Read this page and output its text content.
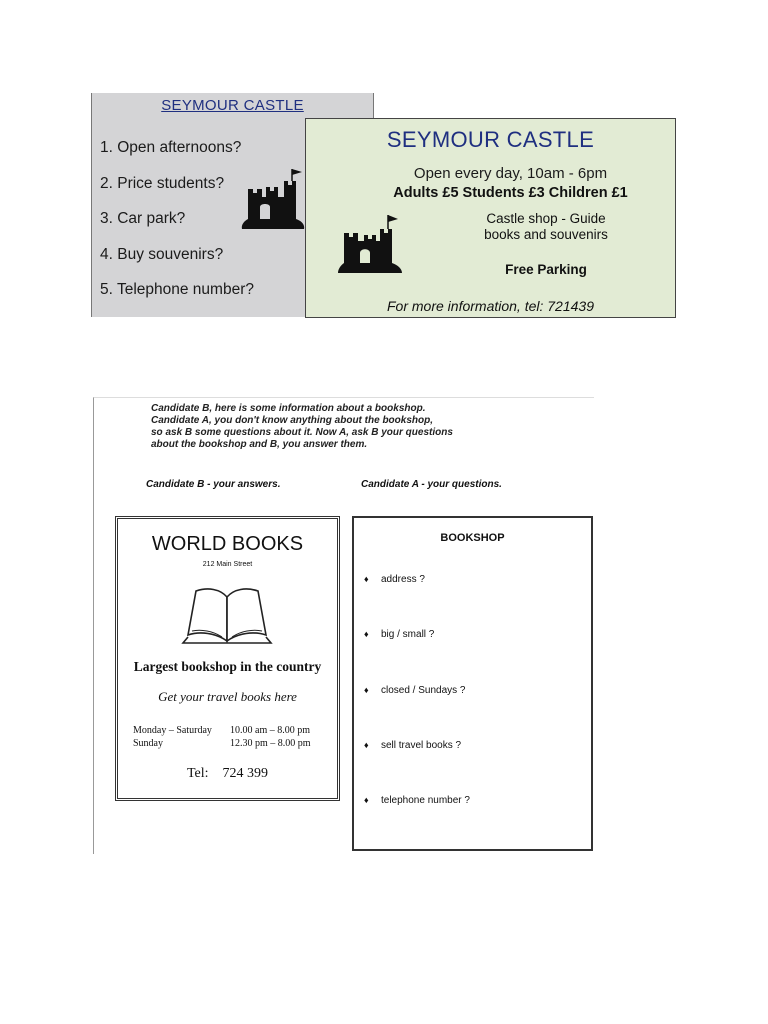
SEYMOUR CASTLE
1. Open afternoons?
2. Price students?
3. Car park?
4. Buy souvenirs?
5. Telephone number?
SEYMOUR CASTLE
Open every day, 10am - 6pm
Adults £5 Students £3 Children £1
Castle shop - Guide
books and souvenirs
Free Parking
For more information, tel: 721439
Candidate B, here is some information about a bookshop.
Candidate A, you don't know anything about the bookshop,
so ask B some questions about it. Now A, ask B your questions
about the bookshop and B, you answer them.
Candidate B - your answers.	Candidate A - your questions.
WORLD BOOKS
212 Main Street
Largest bookshop in the country
Get your travel books here
Monday – Saturday 10.00 am – 8.00 pm
Sunday	12.30 pm – 8.00 pm
Tel: 724 399
BOOKSHOP
♦ address ?
♦ big / small ?
♦ closed / Sundays ?
♦ sell travel books ?
♦ telephone number ?
